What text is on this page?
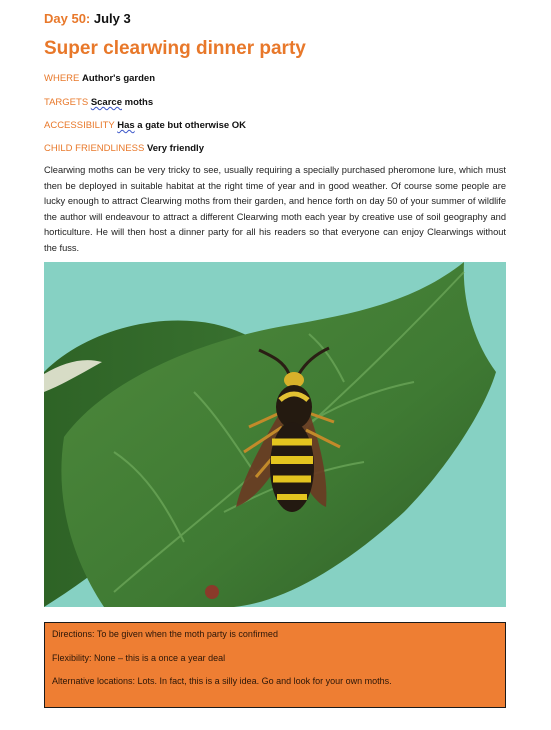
Day 50: July 3
Super clearwing dinner party
WHERE Author's garden
TARGETS Scarce moths
ACCESSIBILITY Has a gate but otherwise OK
CHILD FRIENDLINESS Very friendly
Clearwing moths can be very tricky to see, usually requiring a specially purchased pheromone lure, which must then be deployed in suitable habitat at the right time of year and in good weather. Of course some people are lucky enough to attract Clearwing moths from their garden, and hence forth on day 50 of your summer of wildlife the author will endeavour to attract a different Clearwing moth each year by creative use of soil geography and horticulture. He will then host a dinner party for all his readers so that everyone can enjoy Clearwings without the fuss.
Directions: To be given when the moth party is confirmed
Flexibility: None – this is a once a year deal
Alternative locations: Lots. In fact, this is a silly idea. Go and look for your own moths.
